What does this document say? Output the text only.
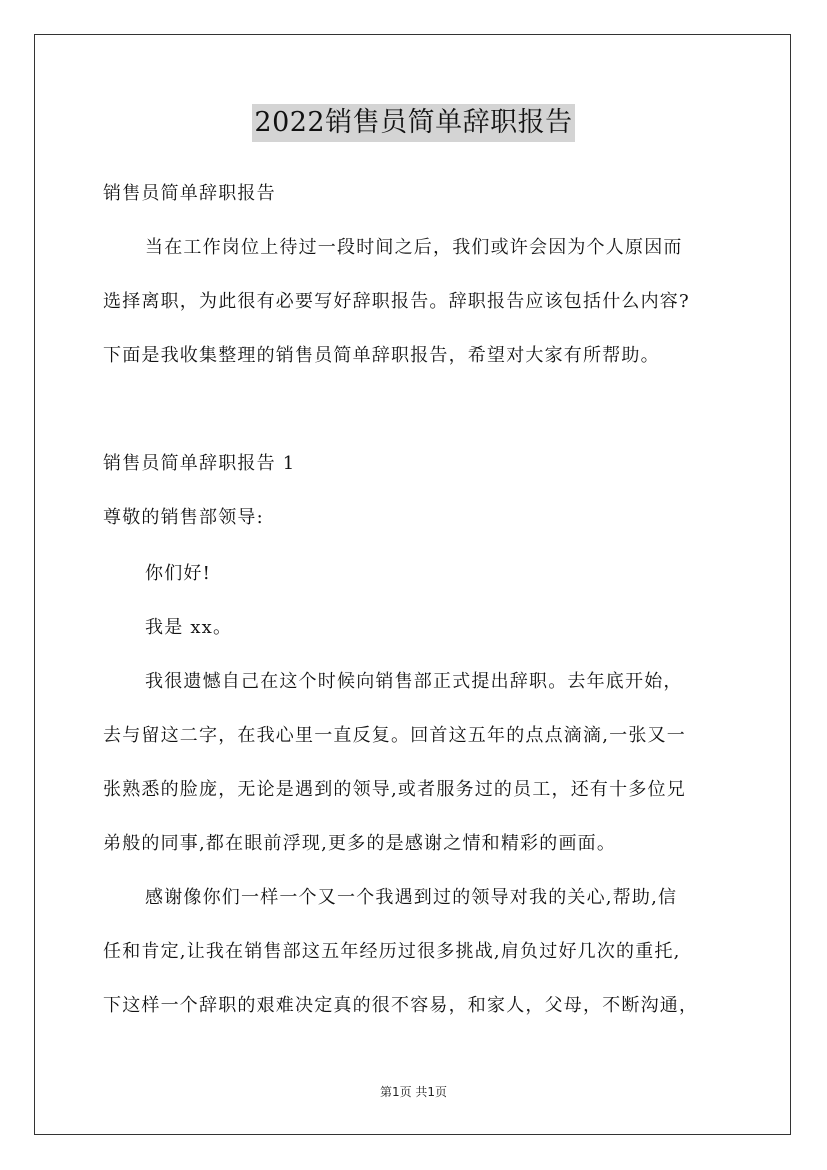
2022销售员简单辞职报告
销售员简单辞职报告
当在工作岗位上待过一段时间之后，我们或许会因为个人原因而
选择离职，为此很有必要写好辞职报告。辞职报告应该包括什么内容?
下面是我收集整理的销售员简单辞职报告，希望对大家有所帮助。
销售员简单辞职报告 1
尊敬的销售部领导:
你们好!
我是 xx。
我很遗憾自己在这个时候向销售部正式提出辞职。去年底开始，
去与留这二字，在我心里一直反复。回首这五年的点点滴滴,一张又一
张熟悉的脸庞，无论是遇到的领导,或者服务过的员工，还有十多位兄
弟般的同事,都在眼前浮现,更多的是感谢之情和精彩的画面。
感谢像你们一样一个又一个我遇到过的领导对我的关心,帮助,信
任和肯定,让我在销售部这五年经历过很多挑战,肩负过好几次的重托,
下这样一个辞职的艰难决定真的很不容易，和家人，父母，不断沟通，
第1页 共1页
